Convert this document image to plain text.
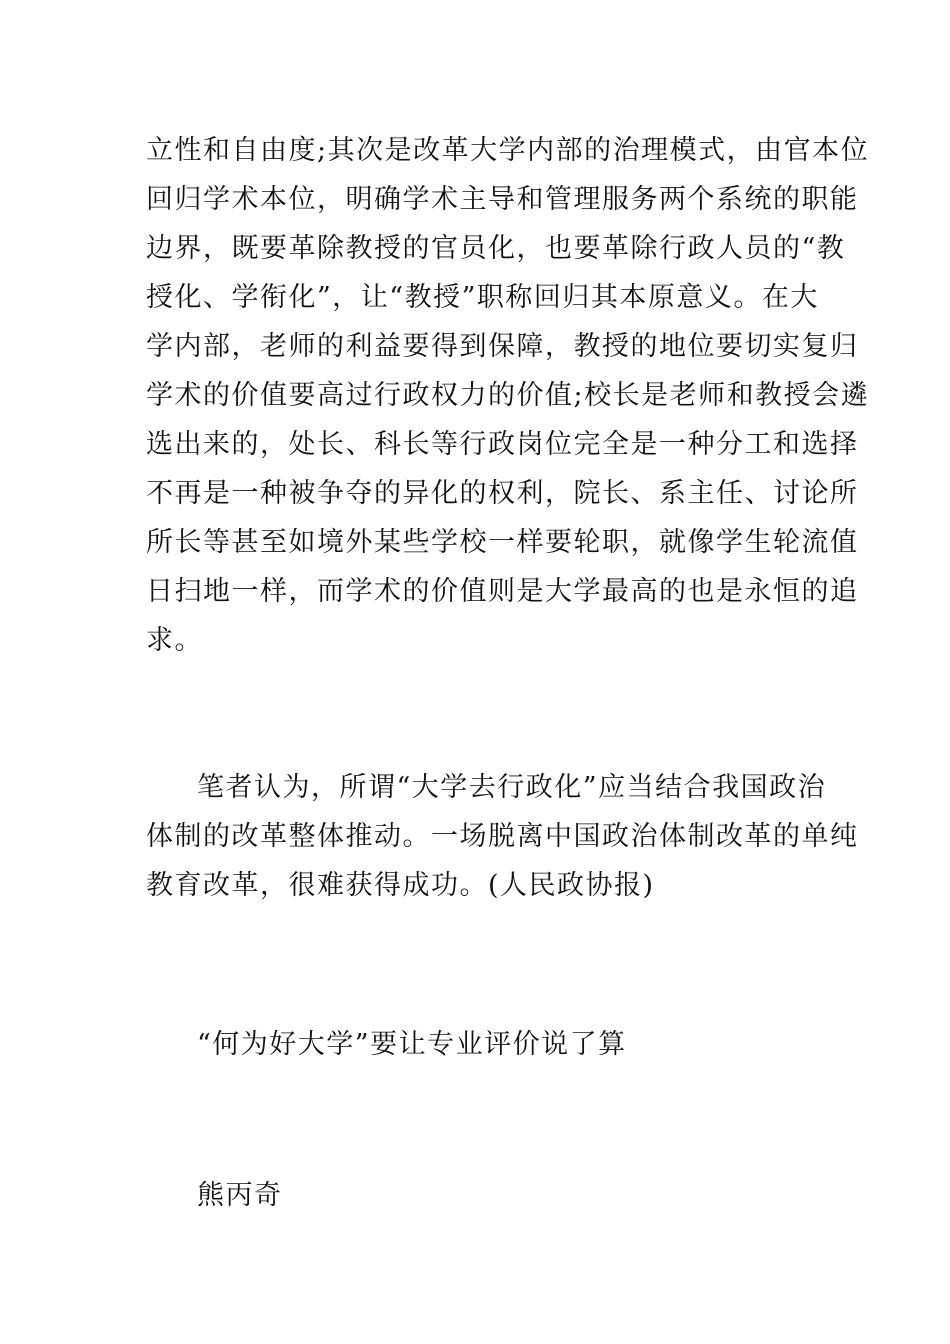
立性和自由度;其次是改革大学内部的治理模式，由官本位
回归学术本位，明确学术主导和管理服务两个系统的职能
边界，既要革除教授的官员化，也要革除行政人员的“教
授化、学衔化”，让“教授”职称回归其本原意义。在大
学内部，老师的利益要得到保障，教授的地位要切实复归
学术的价值要高过行政权力的价值;校长是老师和教授会遴
选出来的，处长、科长等行政岗位完全是一种分工和选择
不再是一种被争夺的异化的权利，院长、系主任、讨论所
所长等甚至如境外某些学校一样要轮职，就像学生轮流值
日扫地一样，而学术的价值则是大学最高的也是永恒的追
求。
笔者认为，所谓“大学去行政化”应当结合我国政治
体制的改革整体推动。一场脱离中国政治体制改革的单纯
教育改革，很难获得成功。(人民政协报)
“何为好大学”要让专业评价说了算
熊丙奇
